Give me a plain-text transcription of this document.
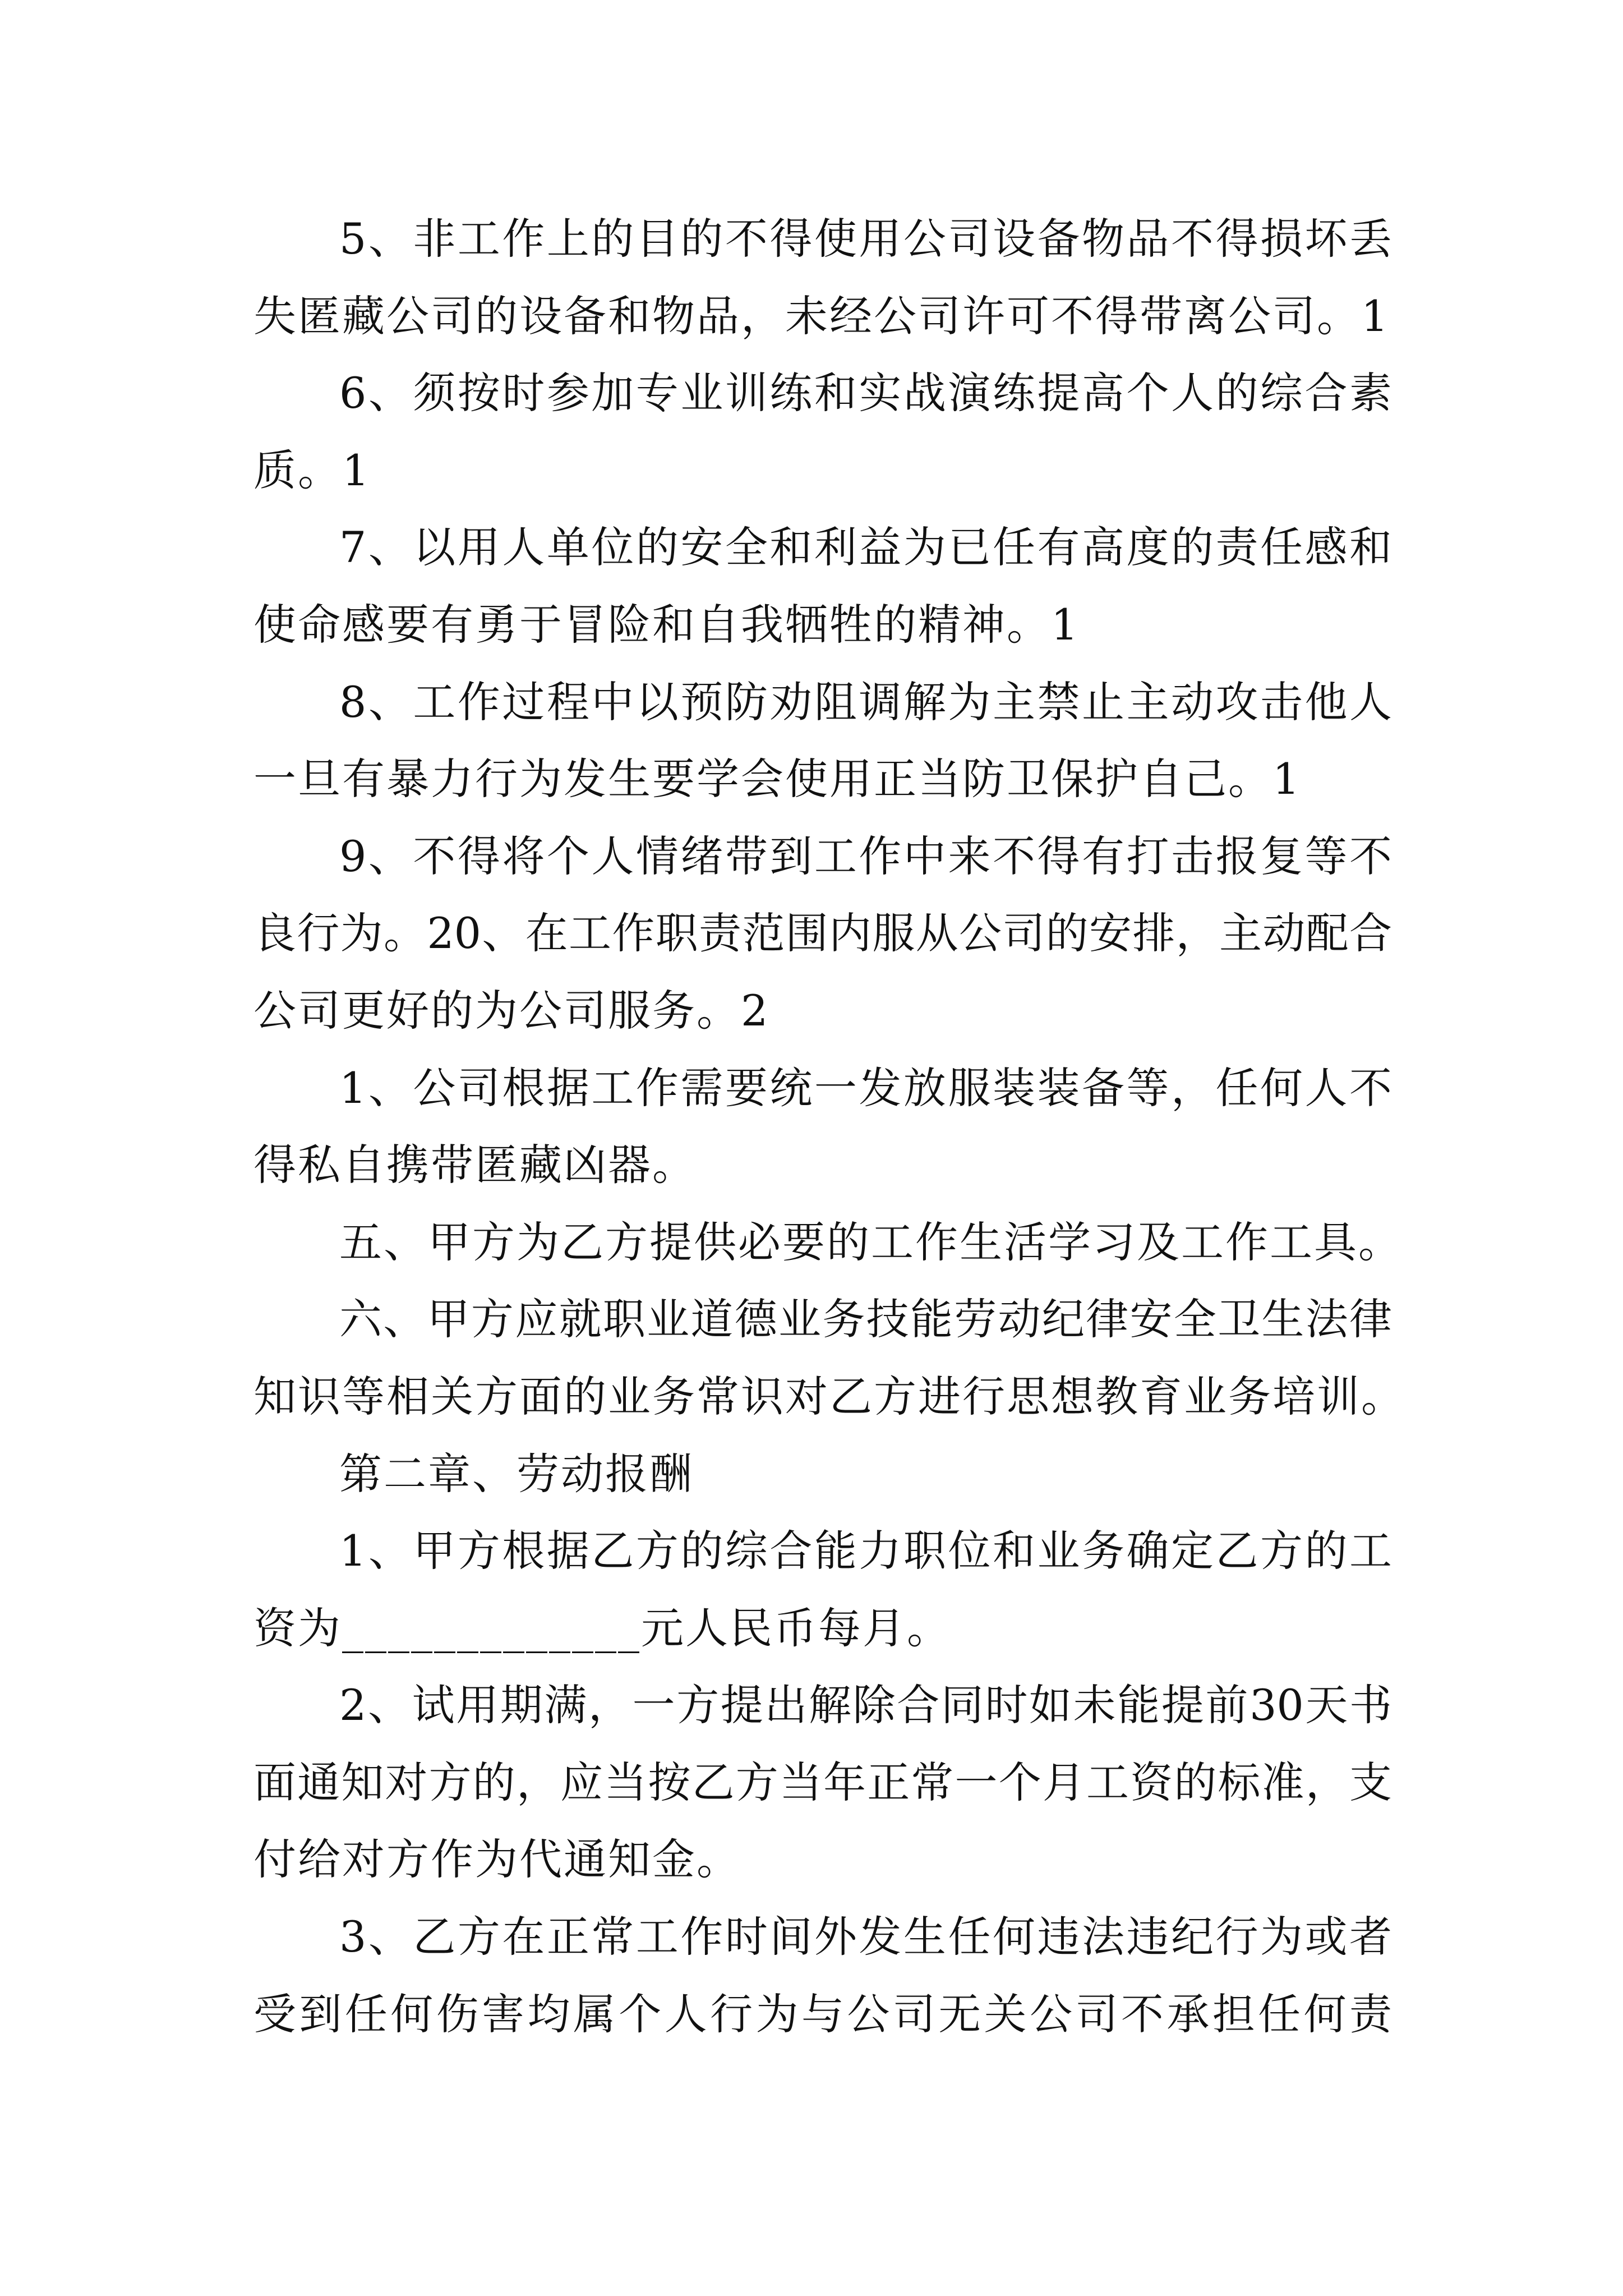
5、非工作上的目的不得使用公司设备物品不得损坏丢
失匿藏公司的设备和物品，未经公司许可不得带离公司。1
6、须按时参加专业训练和实战演练提高个人的综合素
质。1
7、以用人单位的安全和利益为已任有高度的责任感和
使命感要有勇于冒险和自我牺牲的精神。1
8、工作过程中以预防劝阻调解为主禁止主动攻击他人
一旦有暴力行为发生要学会使用正当防卫保护自己。1
9、不得将个人情绪带到工作中来不得有打击报复等不
良行为。20、在工作职责范围内服从公司的安排，主动配合
公司更好的为公司服务。2
1、公司根据工作需要统一发放服装装备等，任何人不
得私自携带匿藏凶器。
五、甲方为乙方提供必要的工作生活学习及工作工具。
六、甲方应就职业道德业务技能劳动纪律安全卫生法律
知识等相关方面的业务常识对乙方进行思想教育业务培训。
第二章、劳动报酬
1、甲方根据乙方的综合能力职位和业务确定乙方的工
资为_____________元人民币每月。
2、试用期满，一方提出解除合同时如未能提前30天书
面通知对方的，应当按乙方当年正常一个月工资的标准，支
付给对方作为代通知金。
3、乙方在正常工作时间外发生任何违法违纪行为或者
受到任何伤害均属个人行为与公司无关公司不承担任何责
